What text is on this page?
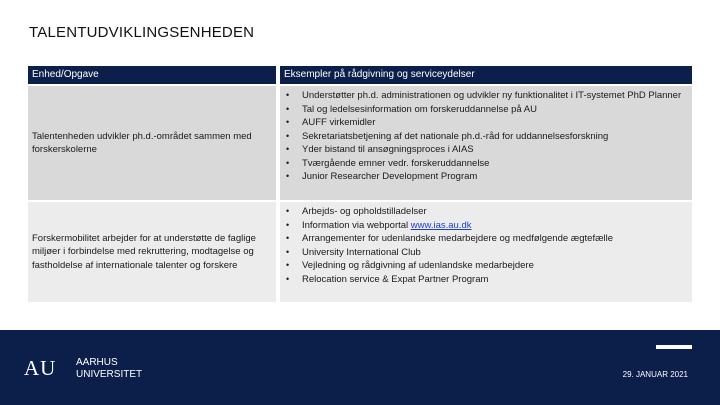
TALENTUDVIKLINGSENHEDEN
Enhed/Opgave	Eksempler på rådgivning og serviceydelser
Talentenheden udvikler ph.d.-området sammen med forskerskolerne
• Understøtter ph.d. administrationen og udvikler ny funktionalitet i IT-systemet PhD Planner
• Tal og ledelsesinformation om forskeruddannelse på AU
• AUFF virkemidler
• Sekretariatsbetjening af det nationale ph.d.-råd for uddannelsesforskning
• Yder bistand til ansøgningsproces i AIAS
• Tværgående emner vedr. forskeruddannelse
• Junior Researcher Development Program
Forskermobilitet arbejder for at understøtte de faglige miljøer i forbindelse med rekruttering, modtagelse og fastholdelse af internationale talenter og forskere
• Arbejds- og opholdstilladelser
• Information via webportal www.ias.au.dk
• Arrangementer for udenlandske medarbejdere og medfølgende ægtefælle
• University International Club
• Vejledning og rådgivning af udenlandske medarbejdere
• Relocation service & Expat Partner Program
AU AARHUS
UNIVERSITET	29. JANUAR 2021
